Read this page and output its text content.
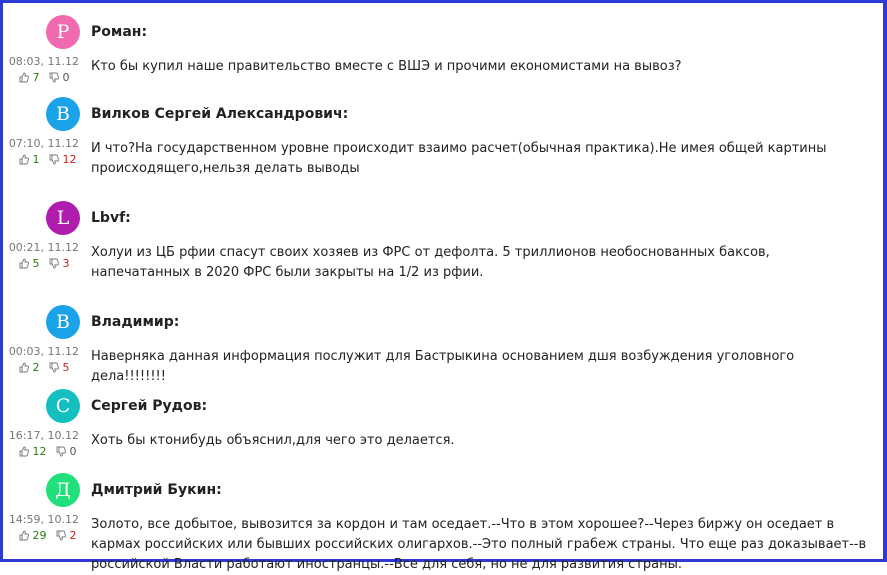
Р	Роман:
08:03, 11.12
7 0
Кто бы купил наше правительство вместе с ВШЭ и прочими економистами на вывоз?
В	Вилков Сергей Александрович:
07:10, 11.12
1 12
И что?На государственном уровне происходит взаимо расчет(обычная практика).Не имея общей картины происходящего,нельзя делать выводы
L	Lbvf:
00:21, 11.12
5 3
Холуи из ЦБ рфии спасут своих хозяев из ФРС от дефолта. 5 триллионов необоснованных баксов, напечатанных в 2020 ФРС были закрыты на 1/2 из рфии.
В	Владимир:
00:03, 11.12
2 5
Наверняка данная информация послужит для Бастрыкина основанием дшя возбуждения уголовного дела!!!!!!!!
С	Сергей Рудов:
16:17, 10.12
12 0
Хоть бы ктонибудь объяснил,для чего это делается.
Д	Дмитрий Букин:
14:59, 10.12
29 2
Золото, все добытое, вывозится за кордон и там оседает.--Что в этом хорошее?--Через биржу он оседает в кармах российских или бывших российских олигархов.--Это полный грабеж страны. Что еще раз доказывает--в российской Власти работают иностранцы.--Все для себя, но не для развития страны.
